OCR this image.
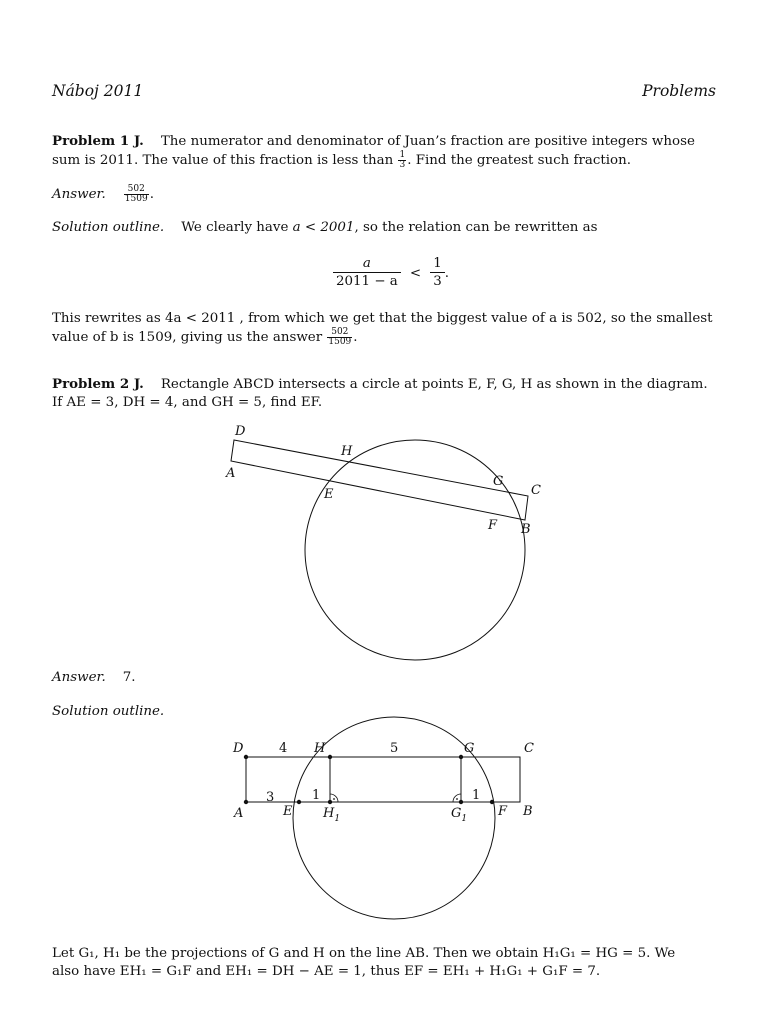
Náboj 2011	Problems
Problem 1 J. The numerator and denominator of Juan’s fraction are positive integers whose
sum is 2011. The value of this fraction is less than $\frac{1}{3}$ . Find the greatest such fraction.
Answer. $\frac{502}{1509}$ .
Solution outline. We clearly have a < 2001, so the relation can be rewritten as
$\frac{a}{2011 - a} < \frac{1}{3}$ .
This rewrites as 4a < 2011 , from which we get that the biggest value of a is 502, so the smallest
value of b is 1509, giving us the answer $\frac{502}{1509}$ .
Problem 2 J. Rectangle ABCD intersects a circle at points E, F, G, H as shown in the diagram.
If AE = 3, DH = 4, and GH = 5, find EF.
D
H
A
E
G
C
F B
D	4 H	5	G	C
3	1	1
A	E $H_1$	$G_1$ F B
Answer. 7.
Solution outline.
Let G₁, H₁ be the projections of G and H on the line AB. Then we obtain H₁G₁ = HG = 5. We
also have EH₁ = G₁F and EH₁ = DH − AE = 1, thus EF = EH₁ + H₁G₁ + G₁F = 7.
